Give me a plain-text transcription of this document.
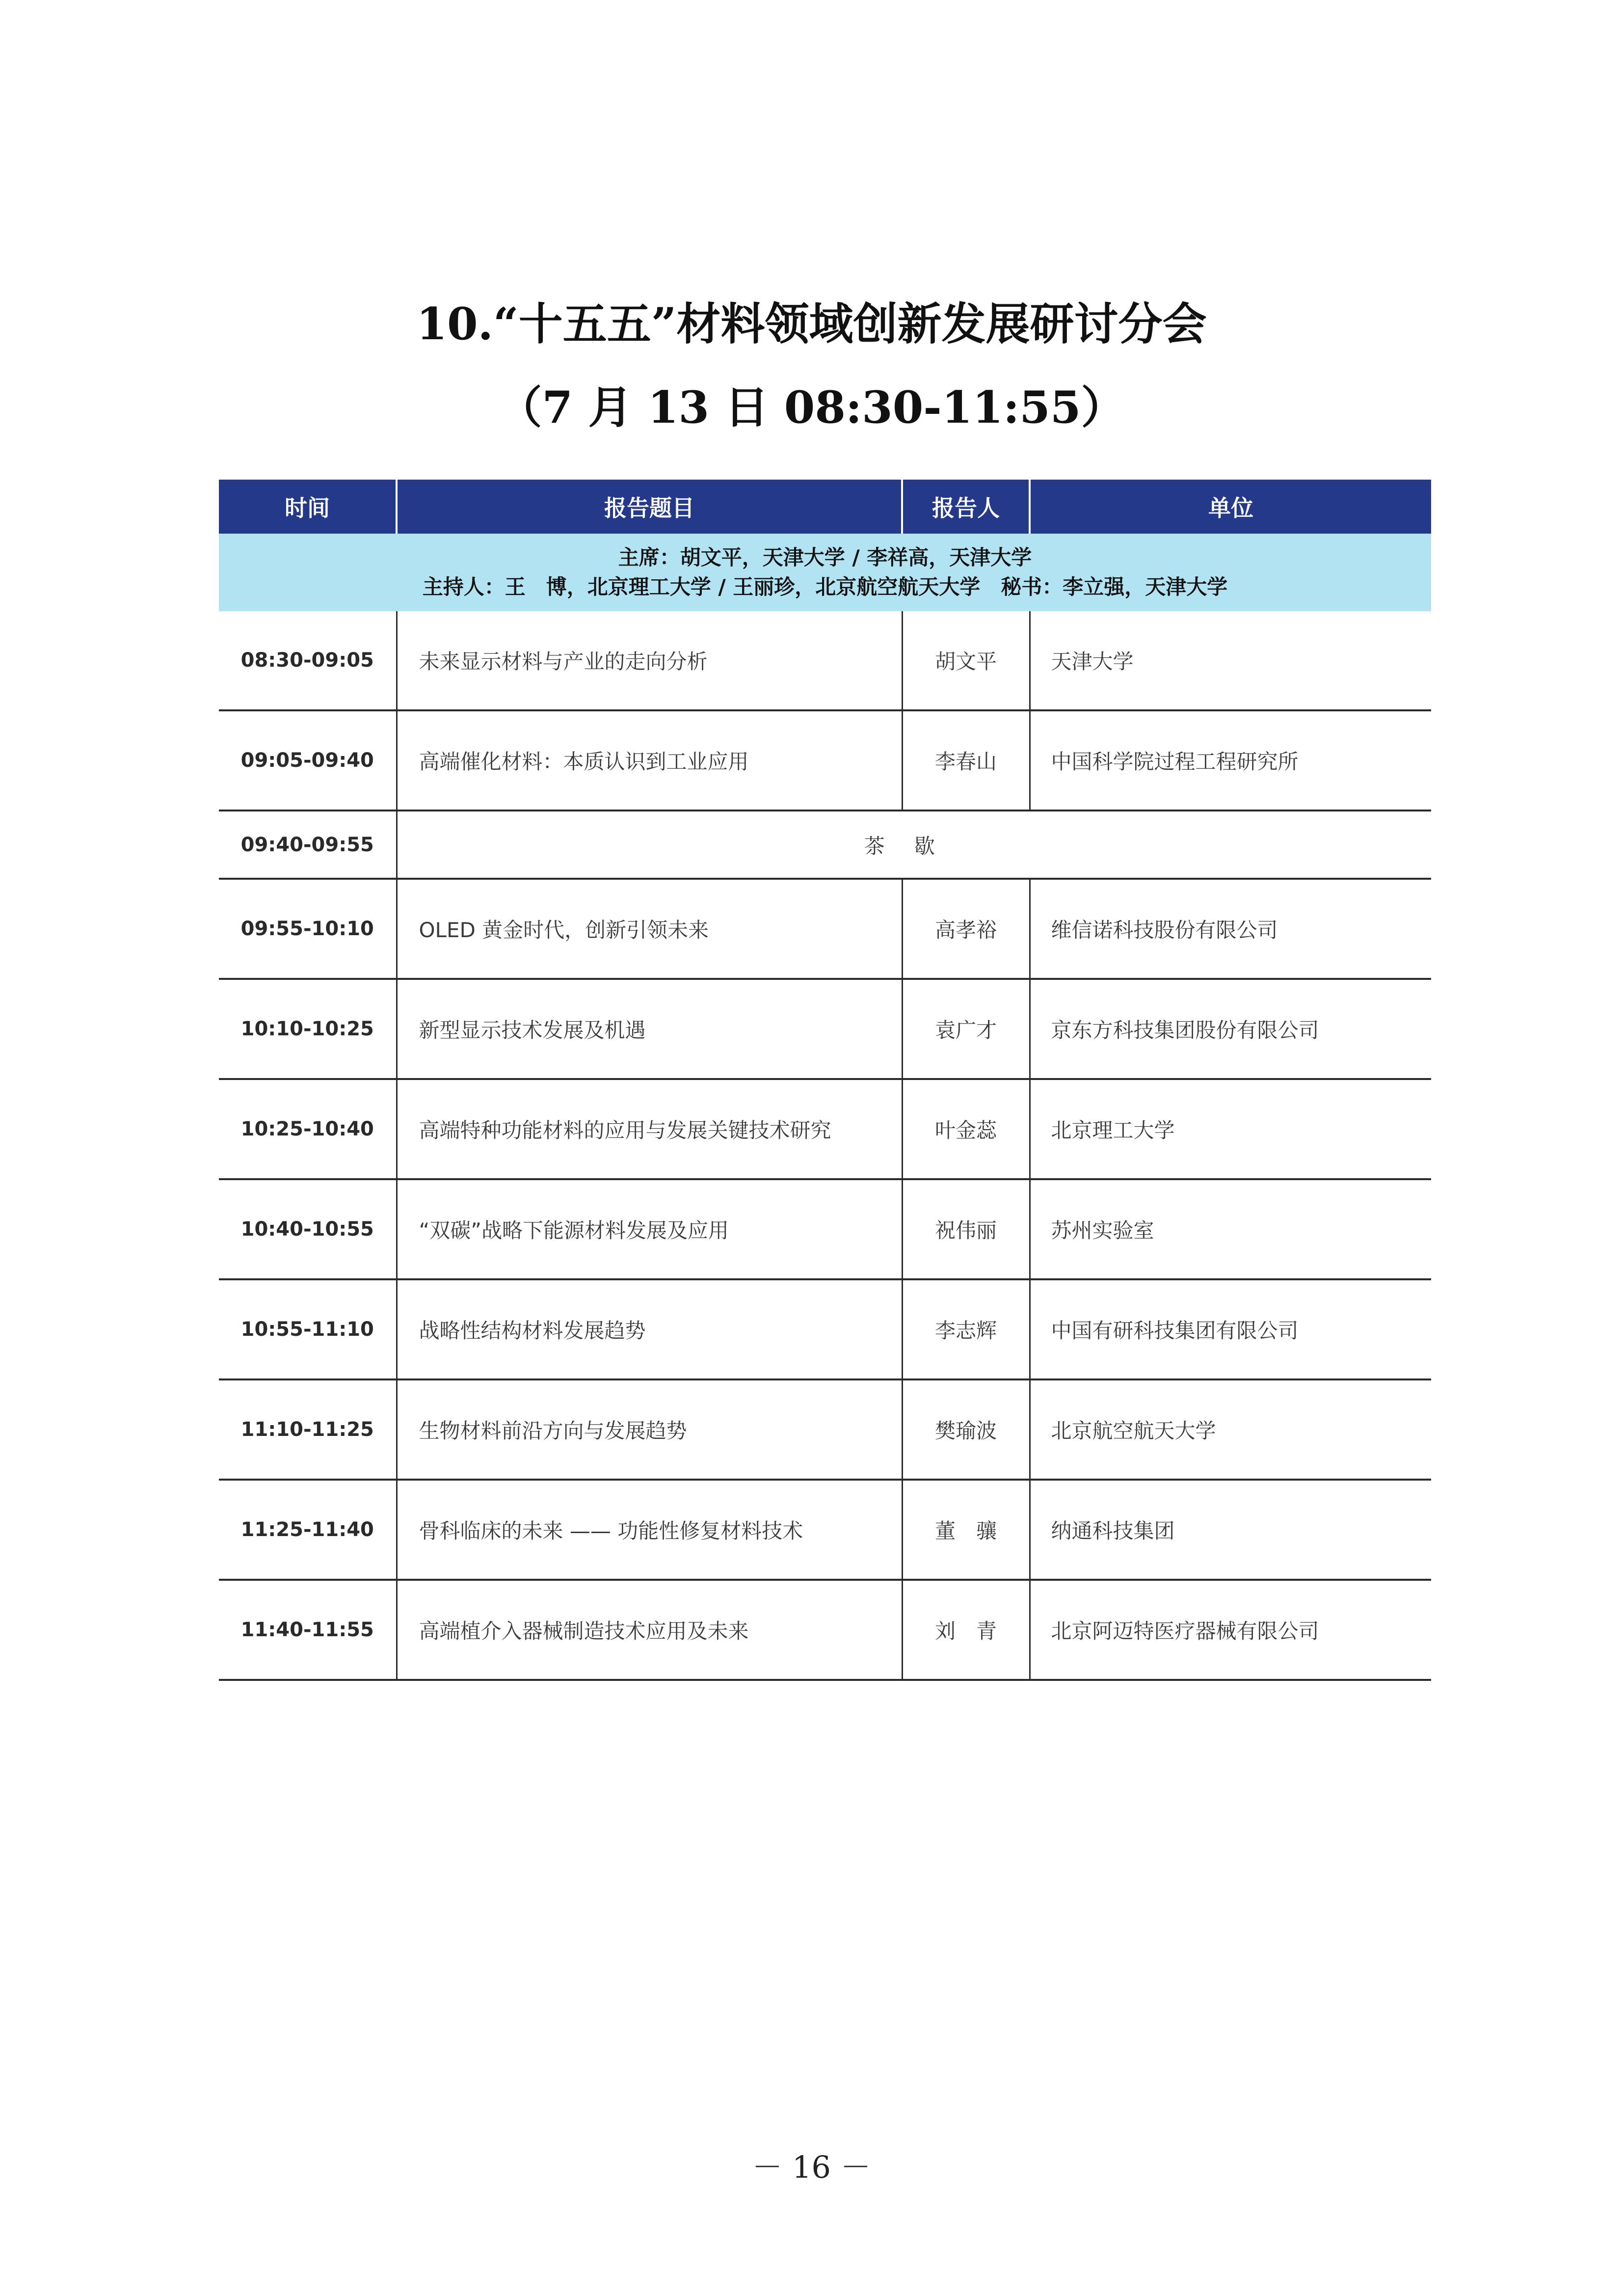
10.“十五五”材料领域创新发展研讨分会
（7 月 13 日 08:30-11:55）
时间	报告题目	报告人	单位

主席：胡文平，天津大学 / 李祥高，天津大学
主持人：王　博，北京理工大学 / 王丽珍，北京航空航天大学　秘书：李立强，天津大学			

08:30-09:05	未来显示材料与产业的走向分析	胡文平	天津大学
09:05-09:40	高端催化材料：本质认识到工业应用	李春山	中国科学院过程工程研究所
09:40-09:55	茶歇		
09:55-10:10	OLED 黄金时代，创新引领未来	高孝裕	维信诺科技股份有限公司
10:10-10:25	新型显示技术发展及机遇	袁广才	京东方科技集团股份有限公司
10:25-10:40	高端特种功能材料的应用与发展关键技术研究	叶金蕊	北京理工大学
10:40-10:55	“双碳”战略下能源材料发展及应用	祝伟丽	苏州实验室
10:55-11:10	战略性结构材料发展趋势	李志辉	中国有研科技集团有限公司
11:10-11:25	生物材料前沿方向与发展趋势	樊瑜波	北京航空航天大学
11:25-11:40	骨科临床的未来 —— 功能性修复材料技术	董　骧	纳通科技集团
11:40-11:55	高端植介入器械制造技术应用及未来	刘　青	北京阿迈特医疗器械有限公司
－ 16 －
